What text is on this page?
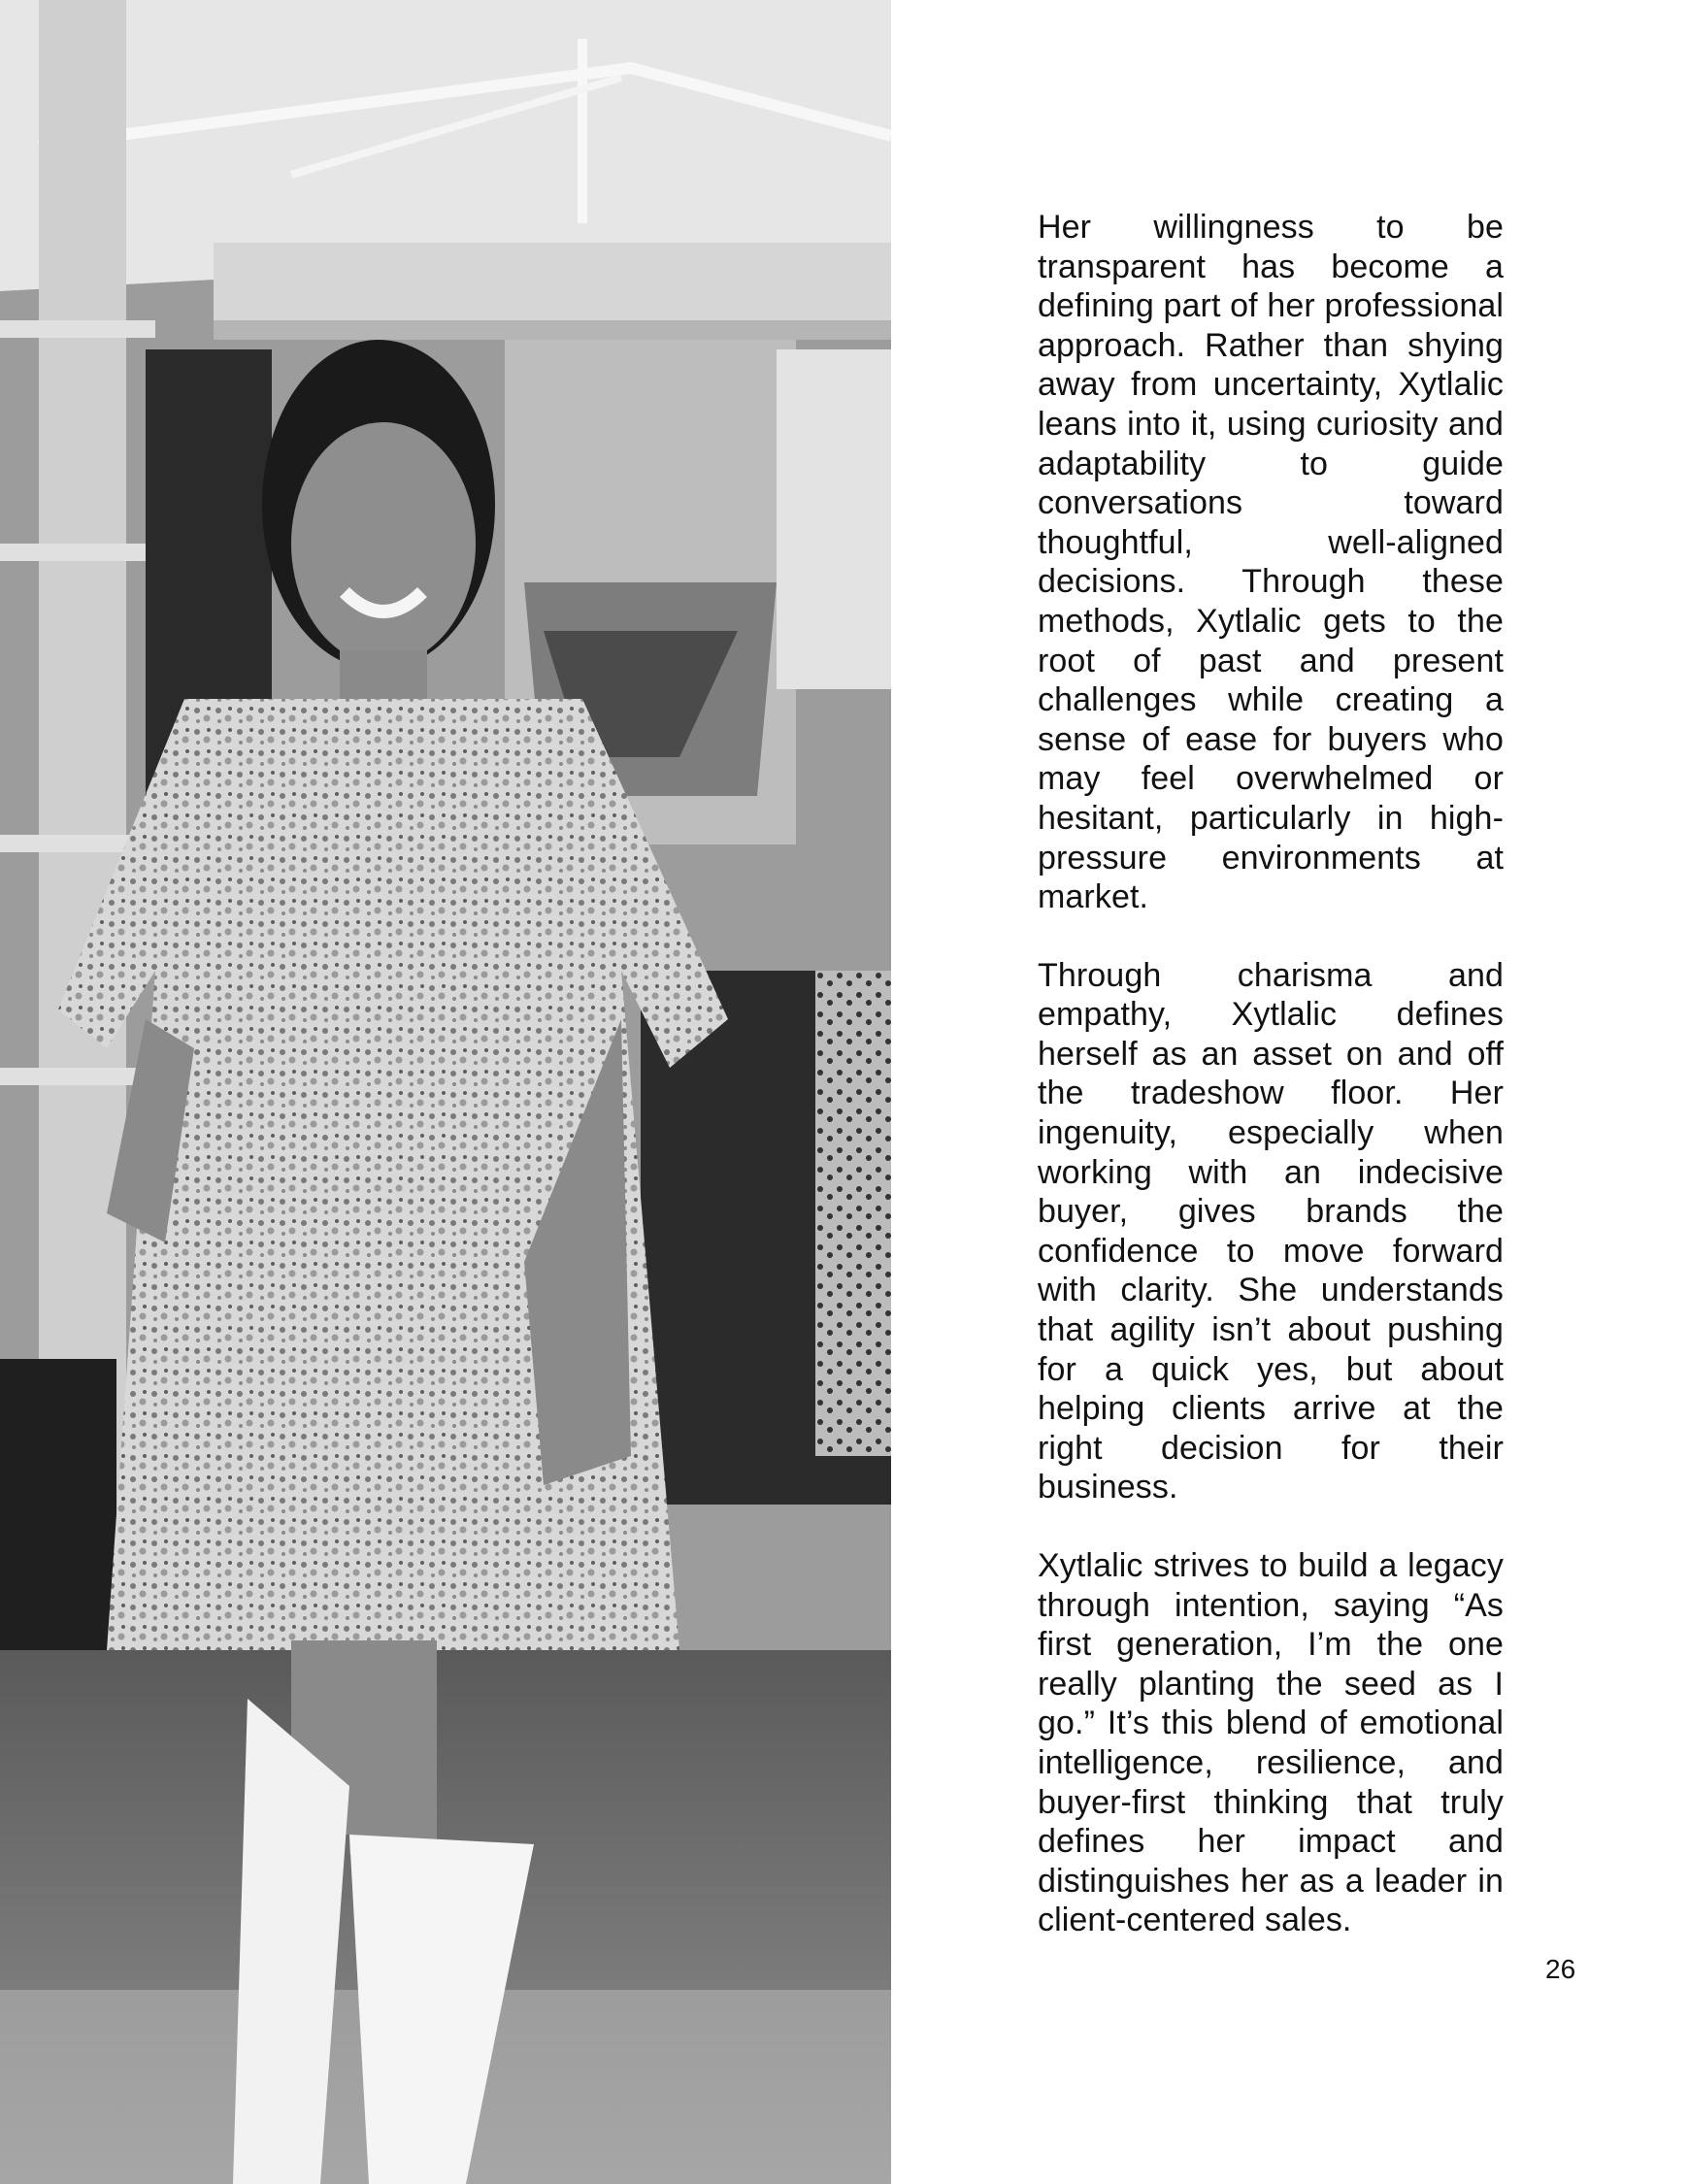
Her willingness to be transparent has become a defining part of her professional approach. Rather than shying away from uncertainty, Xytlalic leans into it, using curiosity and adaptability to guide conversations toward thoughtful, well-aligned decisions. Through these methods, Xytlalic gets to the root of past and present challenges while creating a sense of ease for buyers who may feel overwhelmed or hesitant, particularly in high-pressure environments at market.

Through charisma and empathy, Xytlalic defines herself as an asset on and off the tradeshow floor. Her ingenuity, especially when working with an indecisive buyer, gives brands the confidence to move forward with clarity. She understands that agility isn’t about pushing for a quick yes, but about helping clients arrive at the right decision for their business.

Xytlalic strives to build a legacy through intention, saying “As first generation, I’m the one really planting the seed as I go.” It’s this blend of emotional intelligence, resilience, and buyer-first thinking that truly defines her impact and distinguishes her as a leader in client-centered sales.

26
